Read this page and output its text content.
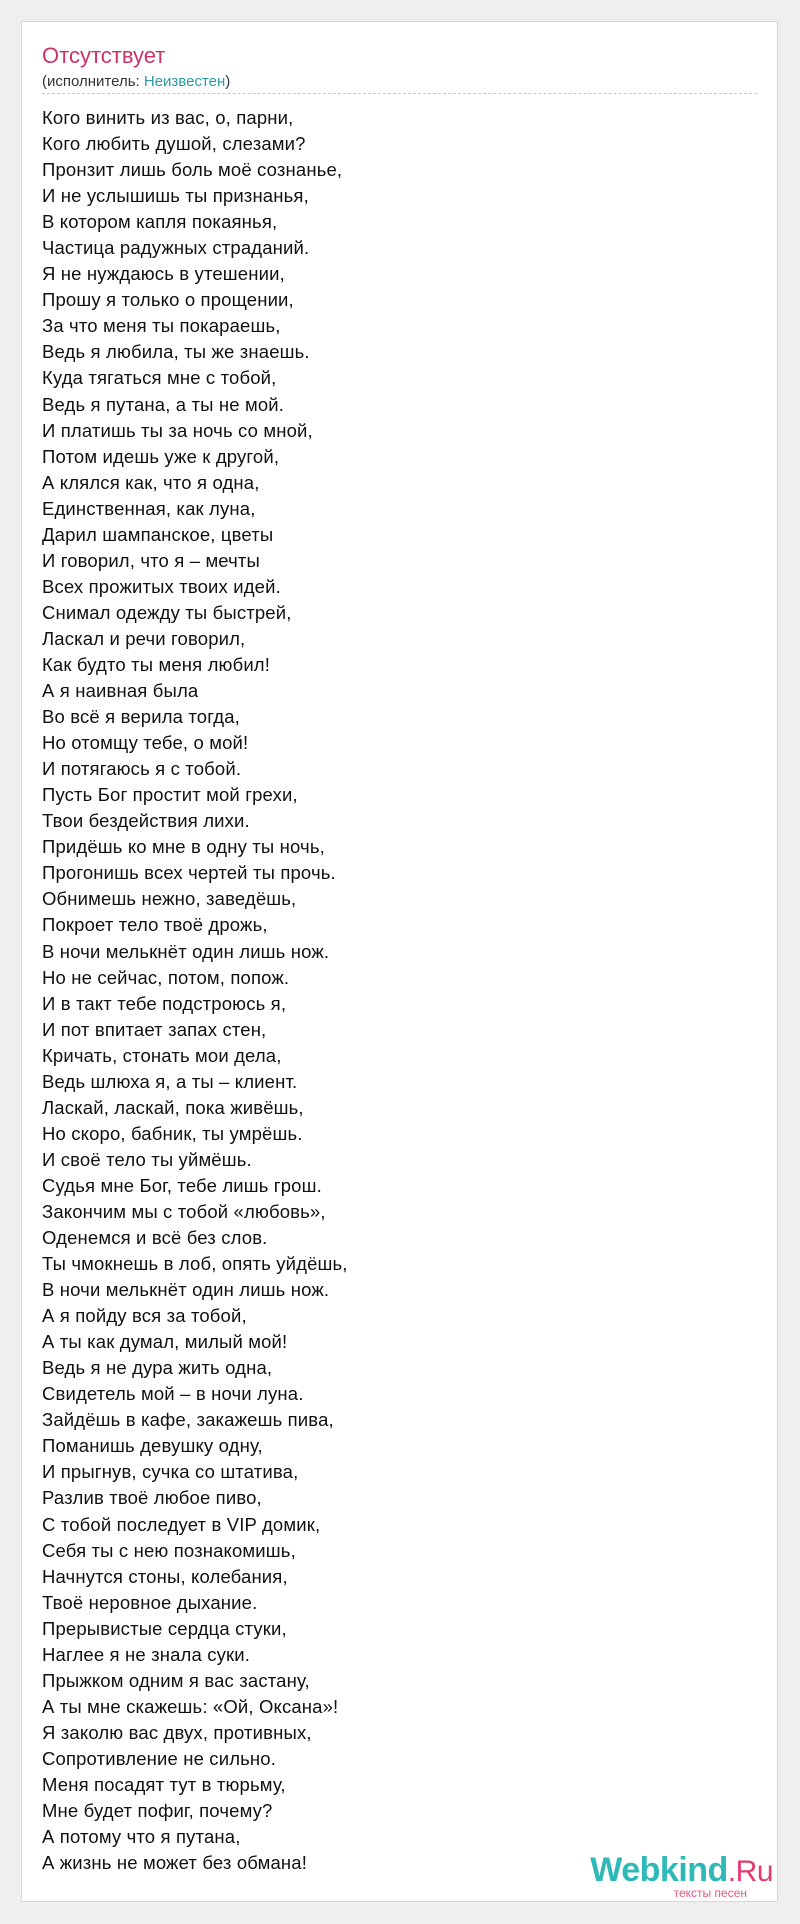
Отсутствует
(исполнитель: Неизвестен)
Кого винить из вас, о, парни,
Кого любить душой, слезами?
Пронзит лишь боль моё сознанье,
И не услышишь ты признанья,
В котором капля покаянья,
Частица радужных страданий.
Я не нуждаюсь в утешении,
Прошу я только о прощении,
За что меня ты покараешь,
Ведь я любила, ты же знаешь.
Куда тягаться мне с тобой,
Ведь я путана, а ты не мой.
И платишь ты за ночь со мной,
Потом идешь уже к другой,
А клялся как, что я одна,
Единственная, как луна,
Дарил шампанское, цветы
И говорил, что я – мечты
Всех прожитых твоих идей.
Снимал одежду ты быстрей,
Ласкал и речи говорил,
Как будто ты меня любил!
А я наивная была
Во всё я верила тогда,
Но отомщу тебе, о мой!
И потягаюсь я с тобой.
Пусть Бог простит мой грехи,
Твои бездействия лихи.
Придёшь ко мне в одну ты ночь,
Прогонишь всех чертей ты прочь.
Обнимешь нежно, заведёшь,
Покроет тело твоё дрожь,
В ночи мелькнёт один лишь нож.
Но не сейчас, потом, попож.
И в такт тебе подстроюсь я,
И пот впитает запах стен,
Кричать, стонать мои дела,
Ведь шлюха я, а ты – клиент.
Ласкай, ласкай, пока живёшь,
Но скоро, бабник, ты умрёшь.
И своё тело ты уймёшь.
Судья мне Бог, тебе лишь грош.
Закончим мы с тобой «любовь»,
Оденемся и всё без слов.
Ты чмокнешь в лоб, опять уйдёшь,
В ночи мелькнёт один лишь нож.
А я пойду вся за тобой,
А ты как думал, милый мой!
Ведь я не дура жить одна,
Свидетель мой – в ночи луна.
Зайдёшь в кафе, закажешь пива,
Поманишь девушку одну,
И прыгнув, сучка со штатива,
Разлив твоё любое пиво,
С тобой последует в VIP домик,
Себя ты с нею познакомишь,
Начнутся стоны, колебания,
Твоё неровное дыхание.
Прерывистые сердца стуки,
Наглее я не знала суки.
Прыжком одним я вас застану,
А ты мне скажешь: «Ой, Оксана»!
Я заколю вас двух, противных,
Сопротивление не сильно.
Меня посадят тут в тюрьму,
Мне будет пофиг, почему?
А потому что я путана,
А жизнь не может без обмана!	Webkind.Ru
тексты песен
